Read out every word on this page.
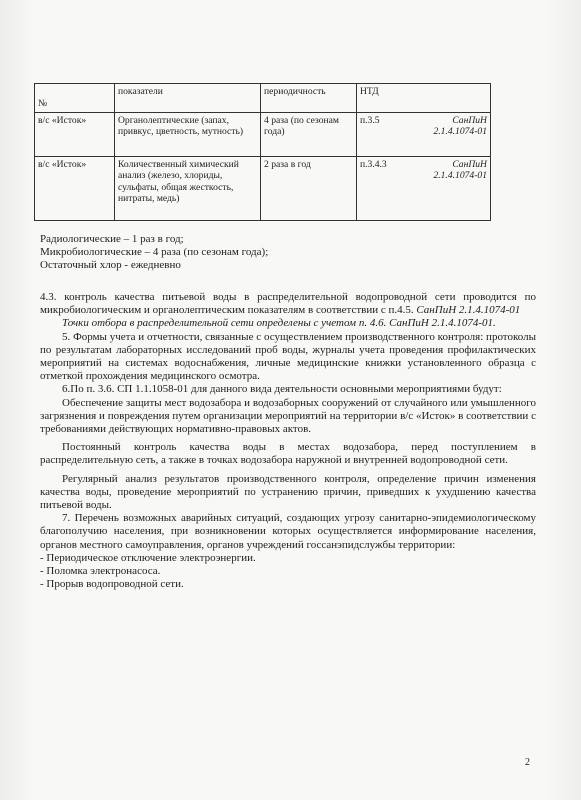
№	показатели	периодичность	НТД
в/с «Исток»	Органолептические (запах, привкус, цветность, мутность)	4 раза (по сезонам года)	п.3.5 СанПиН 2.1.4.1074-01

в/с «Исток»	Количественный химический анализ (железо, хлориды, сульфаты, общая жесткость, нитраты, медь)	2 раза в год	п.3.4.3 СанПиН 2.1.4.1074-01

Радиологические – 1 раз в год;

Микробиологические – 4 раза (по сезонам года);

Остаточный хлор - ежедневно

4.3. контроль качества питьевой воды в распределительной водопроводной сети проводится по микробиологическим и органолептическим показателям в соответствии с п.4.5. СанПиН 2.1.4.1074-01

Точки отбора в распределительной сети определены с учетом п. 4.6. СанПиН 2.1.4.1074-01.

5. Формы учета и отчетности, связанные с осуществлением производственного контроля: протоколы по результатам лабораторных исследований проб воды, журналы учета проведения профилактических мероприятий на системах водоснабжения, личные медицинские книжки установленного образца с отметкой прохождения медицинского осмотра.

6.По п. 3.6. СП 1.1.1058-01 для данного вида деятельности основными мероприятиями будут:

Обеспечение защиты мест водозабора и водозаборных сооружений от случайного или умышленного загрязнения и повреждения путем организации мероприятий на территории в/с «Исток» в соответствии с требованиями действующих нормативно-правовых актов.

Постоянный контроль качества воды в местах водозабора, перед поступлением в распределительную сеть, а также в точках водозабора наружной и внутренней водопроводной сети.

Регулярный анализ результатов производственного контроля, определение причин изменения качества воды, проведение мероприятий по устранению причин, приведших к ухудшению качества питьевой воды.

7. Перечень возможных аварийных ситуаций, создающих угрозу санитарно-эпидемиологическому благополучию населения, при возникновении которых осуществляется информирование населения, органов местного самоуправления, органов учреждений госсанэпидслужбы территории:

- Периодическое отключение электроэнергии.

- Поломка электронасоса.

- Прорыв водопроводной сети.

2
